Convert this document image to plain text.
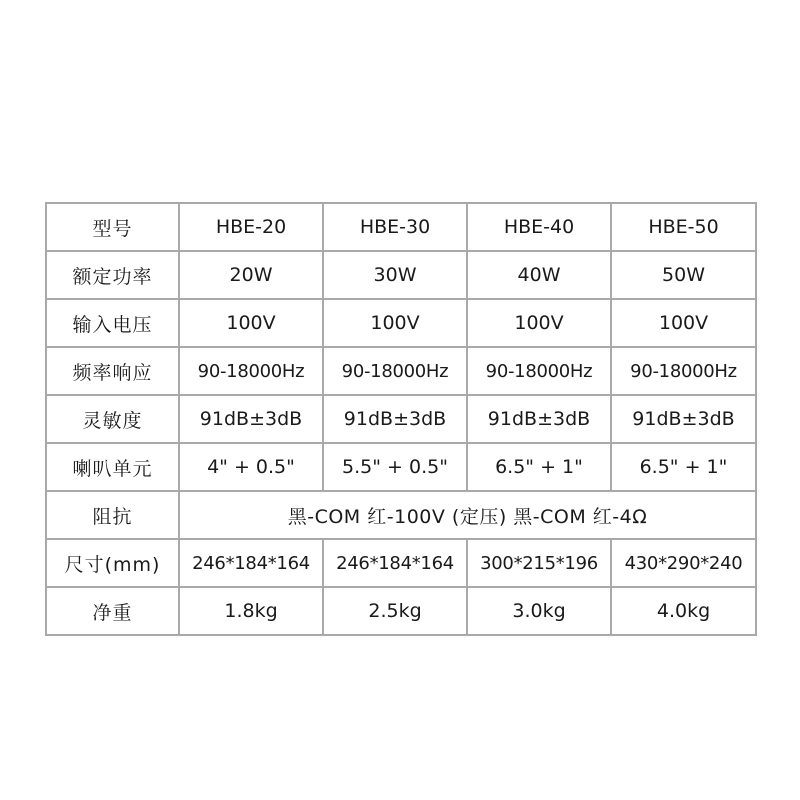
型号	HBE-20	HBE-30	HBE-40	HBE-50
额定功率	20W	30W	40W	50W
输入电压	100V	100V	100V	100V
频率响应	90-18000Hz	90-18000Hz	90-18000Hz	90-18000Hz
灵敏度	91dB±3dB	91dB±3dB	91dB±3dB	91dB±3dB
喇叭单元	4" + 0.5"	5.5" + 0.5"	6.5" + 1"	6.5" + 1"
阻抗	黑-COM 红-100V (定压) 黑-COM 红-4Ω			
尺寸(mm)	246*184*164	246*184*164	300*215*196	430*290*240
净重	1.8kg	2.5kg	3.0kg	4.0kg
